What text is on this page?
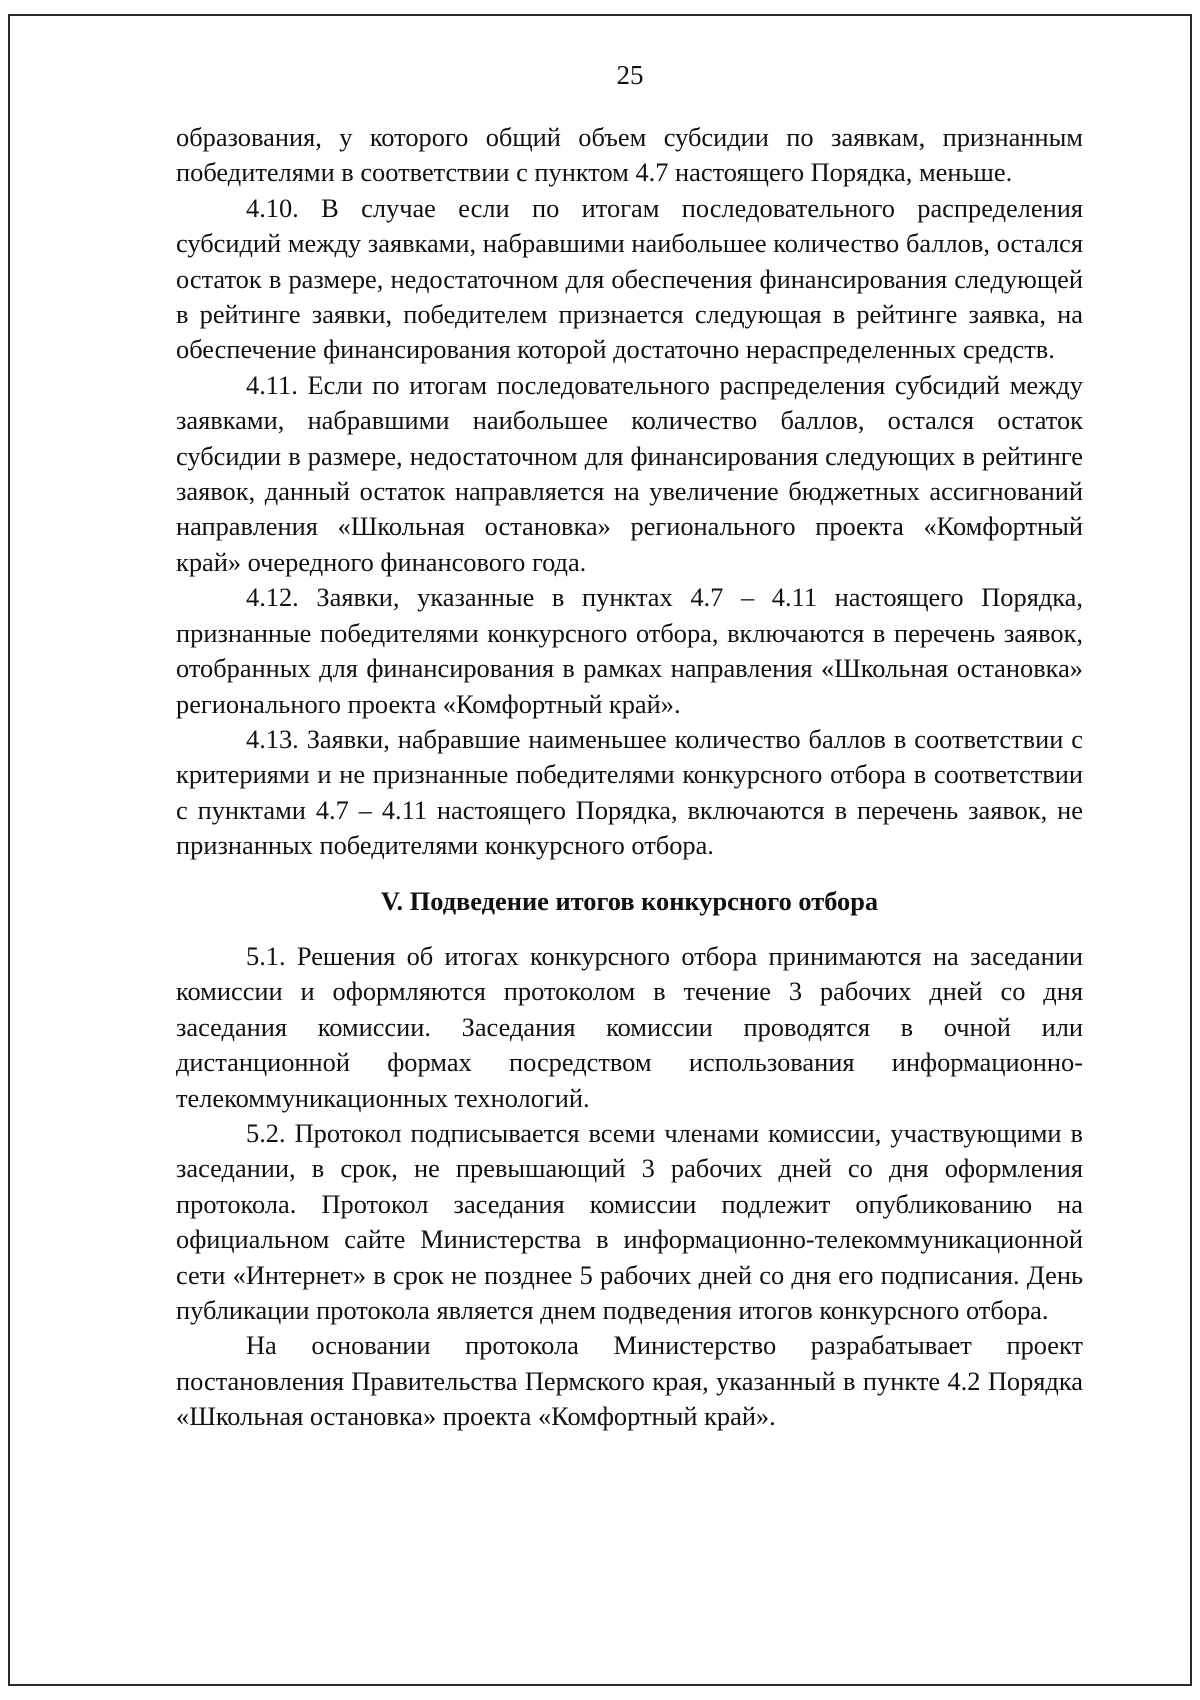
25

образования, у которого общий объем субсидии по заявкам, признанным победителями в соответствии с пунктом 4.7 настоящего Порядка, меньше.

4.10. В случае если по итогам последовательного распределения субсидий между заявками, набравшими наибольшее количество баллов, остался остаток в размере, недостаточном для обеспечения финансирования следующей в рейтинге заявки, победителем признается следующая в рейтинге заявка, на обеспечение финансирования которой достаточно нераспределенных средств.

4.11. Если по итогам последовательного распределения субсидий между заявками, набравшими наибольшее количество баллов, остался остаток субсидии в размере, недостаточном для финансирования следующих в рейтинге заявок, данный остаток направляется на увеличение бюджетных ассигнований направления «Школьная остановка» регионального проекта «Комфортный край» очередного финансового года.

4.12. Заявки, указанные в пунктах 4.7 – 4.11 настоящего Порядка, признанные победителями конкурсного отбора, включаются в перечень заявок, отобранных для финансирования в рамках направления «Школьная остановка» регионального проекта «Комфортный край».

4.13. Заявки, набравшие наименьшее количество баллов в соответствии с критериями и не признанные победителями конкурсного отбора в соответствии с пунктами 4.7 – 4.11 настоящего Порядка, включаются в перечень заявок, не признанных победителями конкурсного отбора.

V. Подведение итогов конкурсного отбора

5.1. Решения об итогах конкурсного отбора принимаются на заседании комиссии и оформляются протоколом в течение 3 рабочих дней со дня заседания комиссии. Заседания комиссии проводятся в очной или дистанционной формах посредством использования информационно-телекоммуникационных технологий.

5.2. Протокол подписывается всеми членами комиссии, участвующими в заседании, в срок, не превышающий 3 рабочих дней со дня оформления протокола. Протокол заседания комиссии подлежит опубликованию на официальном сайте Министерства в информационно-телекоммуникационной сети «Интернет» в срок не позднее 5 рабочих дней со дня его подписания. День публикации протокола является днем подведения итогов конкурсного отбора.

На основании протокола Министерство разрабатывает проект постановления Правительства Пермского края, указанный в пункте 4.2 Порядка «Школьная остановка» проекта «Комфортный край».
